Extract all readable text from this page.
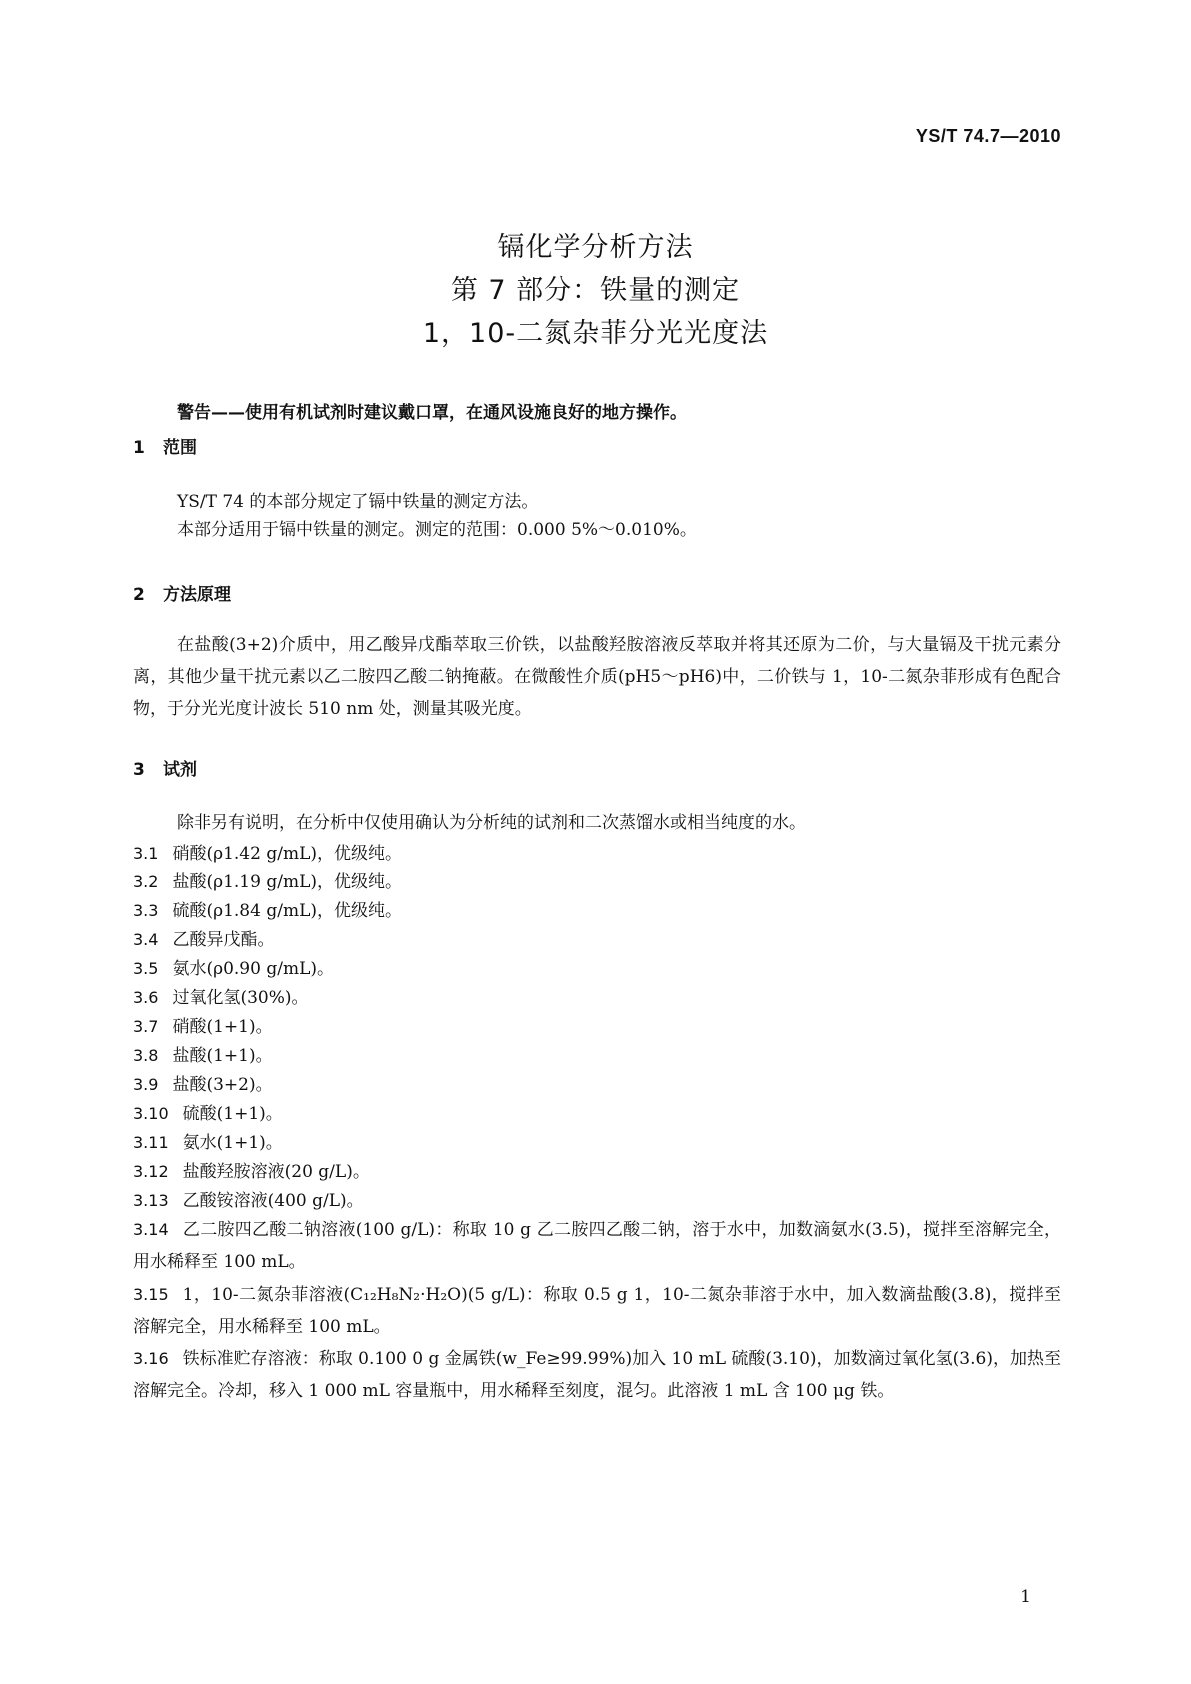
YS/T 74.7—2010
镉化学分析方法
第 7 部分：铁量的测定
1，10-二氮杂菲分光光度法
警告——使用有机试剂时建议戴口罩，在通风设施良好的地方操作。
1 范围
YS/T 74 的本部分规定了镉中铁量的测定方法。
本部分适用于镉中铁量的测定。测定的范围：0.000 5%～0.010%。
2 方法原理
在盐酸(3+2)介质中，用乙酸异戊酯萃取三价铁，以盐酸羟胺溶液反萃取并将其还原为二价，与大量镉及干扰元素分离，其他少量干扰元素以乙二胺四乙酸二钠掩蔽。在微酸性介质(pH5～pH6)中，二价铁与 1，10-二氮杂菲形成有色配合物，于分光光度计波长 510 nm 处，测量其吸光度。
3 试剂
除非另有说明，在分析中仅使用确认为分析纯的试剂和二次蒸馏水或相当纯度的水。
3.1 硝酸(ρ1.42 g/mL)，优级纯。
3.2 盐酸(ρ1.19 g/mL)，优级纯。
3.3 硫酸(ρ1.84 g/mL)，优级纯。
3.4 乙酸异戊酯。
3.5 氨水(ρ0.90 g/mL)。
3.6 过氧化氢(30%)。
3.7 硝酸(1+1)。
3.8 盐酸(1+1)。
3.9 盐酸(3+2)。
3.10 硫酸(1+1)。
3.11 氨水(1+1)。
3.12 盐酸羟胺溶液(20 g/L)。
3.13 乙酸铵溶液(400 g/L)。
3.14 乙二胺四乙酸二钠溶液(100 g/L)：称取 10 g 乙二胺四乙酸二钠，溶于水中，加数滴氨水(3.5)，搅拌至溶解完全，用水稀释至 100 mL。
3.15 1，10-二氮杂菲溶液(C₁₂H₈N₂·H₂O)(5 g/L)：称取 0.5 g 1，10-二氮杂菲溶于水中，加入数滴盐酸(3.8)，搅拌至溶解完全，用水稀释至 100 mL。
3.16 铁标准贮存溶液：称取 0.100 0 g 金属铁(w_Fe≥99.99%)加入 10 mL 硫酸(3.10)，加数滴过氧化氢(3.6)，加热至溶解完全。冷却，移入 1 000 mL 容量瓶中，用水稀释至刻度，混匀。此溶液 1 mL 含 100 μg 铁。
1
